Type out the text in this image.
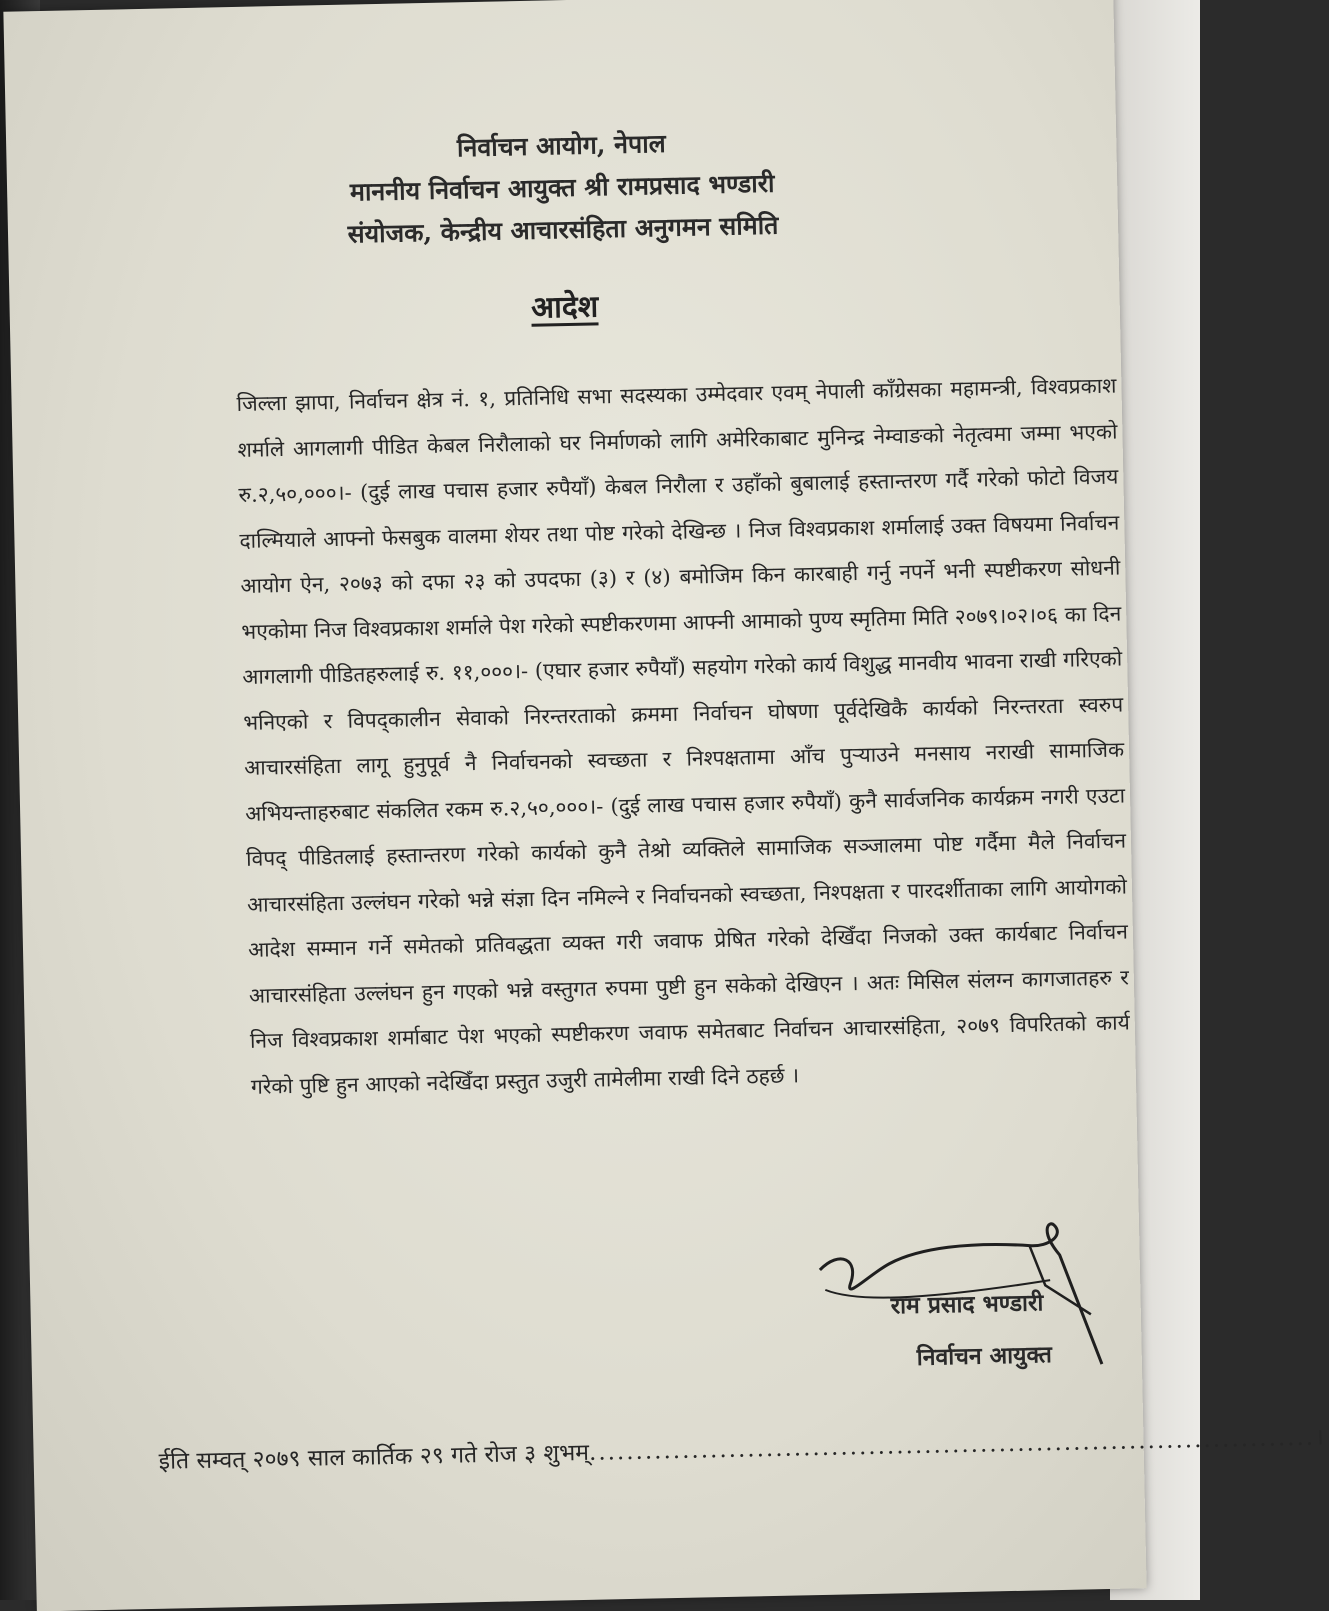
निर्वाचन आयोग, नेपाल
माननीय निर्वाचन आयुक्त श्री रामप्रसाद भण्डारी
संयोजक, केन्द्रीय आचारसंहिता अनुगमन समिति
आदेश
जिल्ला झापा, निर्वाचन क्षेत्र नं. १, प्रतिनिधि सभा सदस्यका उम्मेदवार एवम् नेपाली काँग्रेसका महामन्त्री, विश्वप्रकाश शर्माले आगलागी पीडित केबल निरौलाको घर निर्माणको लागि अमेरिकाबाट मुनिन्द्र नेम्वाङको नेतृत्वमा जम्मा भएको रु.२,५०,०००।- (दुई लाख पचास हजार रुपैयाँ) केबल निरौला र उहाँको बुबालाई हस्तान्तरण गर्दै गरेको फोटो विजय दाल्मियाले आफ्नो फेसबुक वालमा शेयर तथा पोष्ट गरेको देखिन्छ । निज विश्वप्रकाश शर्मालाई उक्त विषयमा निर्वाचन आयोग ऐन, २०७३ को दफा २३ को उपदफा (३) र (४) बमोजिम किन कारबाही गर्नु नपर्ने भनी स्पष्टीकरण सोधनी भएकोमा निज विश्वप्रकाश शर्माले पेश गरेको स्पष्टीकरणमा आफ्नी आमाको पुण्य स्मृतिमा मिति २०७९।०२।०६ का दिन आगलागी पीडितहरुलाई रु. ११,०००।- (एघार हजार रुपैयाँ) सहयोग गरेको कार्य विशुद्ध मानवीय भावना राखी गरिएको भनिएको र विपद्कालीन सेवाको निरन्तरताको क्रममा निर्वाचन घोषणा पूर्वदेखिकै कार्यको निरन्तरता स्वरुप आचारसंहिता लागू हुनुपूर्व नै निर्वाचनको स्वच्छता र निश्पक्षतामा आँच पुऱ्याउने मनसाय नराखी सामाजिक अभियन्ताहरुबाट संकलित रकम रु.२,५०,०००।- (दुई लाख पचास हजार रुपैयाँ) कुनै सार्वजनिक कार्यक्रम नगरी एउटा विपद् पीडितलाई हस्तान्तरण गरेको कार्यको कुनै तेश्रो व्यक्तिले सामाजिक सञ्जालमा पोष्ट गर्दैमा मैले निर्वाचन आचारसंहिता उल्लंघन गरेको भन्ने संज्ञा दिन नमिल्ने र निर्वाचनको स्वच्छता, निश्पक्षता र पारदर्शीताका लागि आयोगको आदेश सम्मान गर्ने समेतको प्रतिवद्धता व्यक्त गरी जवाफ प्रेषित गरेको देखिँदा निजको उक्त कार्यबाट निर्वाचन आचारसंहिता उल्लंघन हुन गएको भन्ने वस्तुगत रुपमा पुष्टी हुन सकेको देखिएन । अतः मिसिल संलग्न कागजातहरु र निज विश्वप्रकाश शर्माबाट पेश भएको स्पष्टीकरण जवाफ समेतबाट निर्वाचन आचारसंहिता, २०७९ विपरितको कार्य गरेको पुष्टि हुन आएको नदेखिँदा प्रस्तुत उजुरी तामेलीमा राखी दिने ठहर्छ ।
राम प्रसाद भण्डारी
निर्वाचन आयुक्त
ईति सम्वत् २०७९ साल कार्तिक २९ गते रोज ३ शुभम्..............................................................................।
